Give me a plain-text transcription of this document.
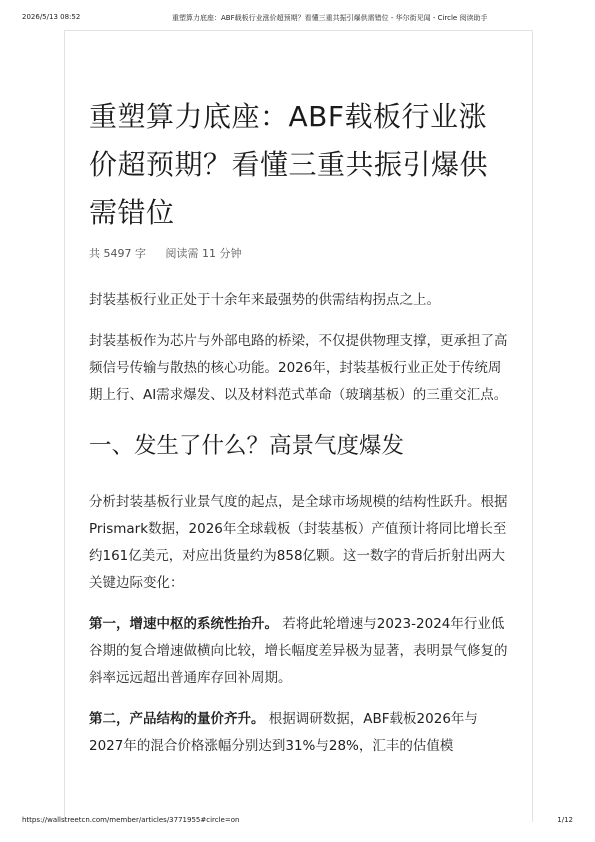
2026/5/13 08:52	重塑算力底座：ABF载板行业涨价超预期？看懂三重共振引爆供需错位 - 华尔街见闻 - Circle 阅读助手
重塑算力底座：ABF载板行业涨价超预期？看懂三重共振引爆供需错位
共 5497 字 阅读需 11 分钟

封装基板行业正处于十余年来最强势的供需结构拐点之上。

封装基板作为芯片与外部电路的桥梁，不仅提供物理支撑，更承担了高频信号传输与散热的核心功能。2026年，封装基板行业正处于传统周期上行、AI需求爆发、以及材料范式革命（玻璃基板）的三重交汇点。

一、发生了什么？高景气度爆发

分析封装基板行业景气度的起点，是全球市场规模的结构性跃升。根据Prismark数据，2026年全球载板（封装基板）产值预计将同比增长至约161亿美元，对应出货量约为858亿颗。这一数字的背后折射出两大关键边际变化：

第一，增速中枢的系统性抬升。 若将此轮增速与2023-2024年行业低谷期的复合增速做横向比较，增长幅度差异极为显著，表明景气修复的斜率远远超出普通库存回补周期。

第二，产品结构的量价齐升。 根据调研数据，ABF载板2026年与2027年的混合价格涨幅分别达到31%与28%，汇丰的估值模

https://wallstreetcn.com/member/articles/3771955#circle=on	1/12
